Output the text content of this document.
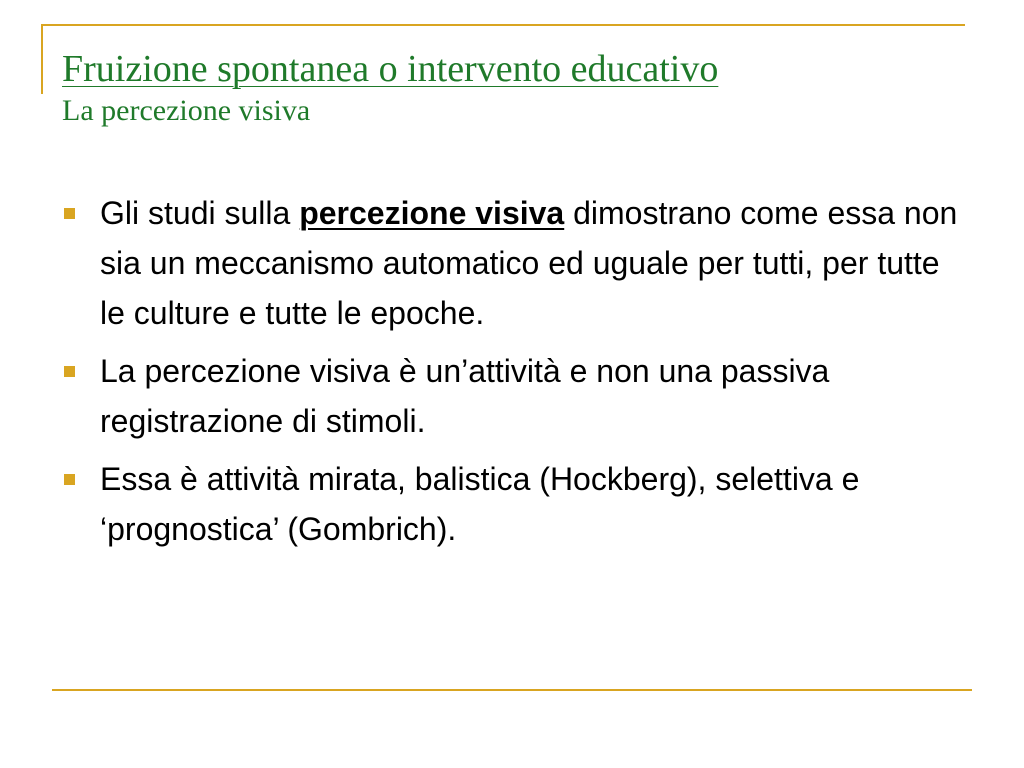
Fruizione spontanea o intervento educativo
La percezione visiva
Gli studi sulla percezione visiva dimostrano come essa non sia un meccanismo automatico ed uguale per tutti, per tutte le culture e tutte le epoche.
La percezione visiva è un’attività e non una passiva registrazione di stimoli.
Essa è attività mirata, balistica (Hockberg), selettiva e ‘prognostica’ (Gombrich).
